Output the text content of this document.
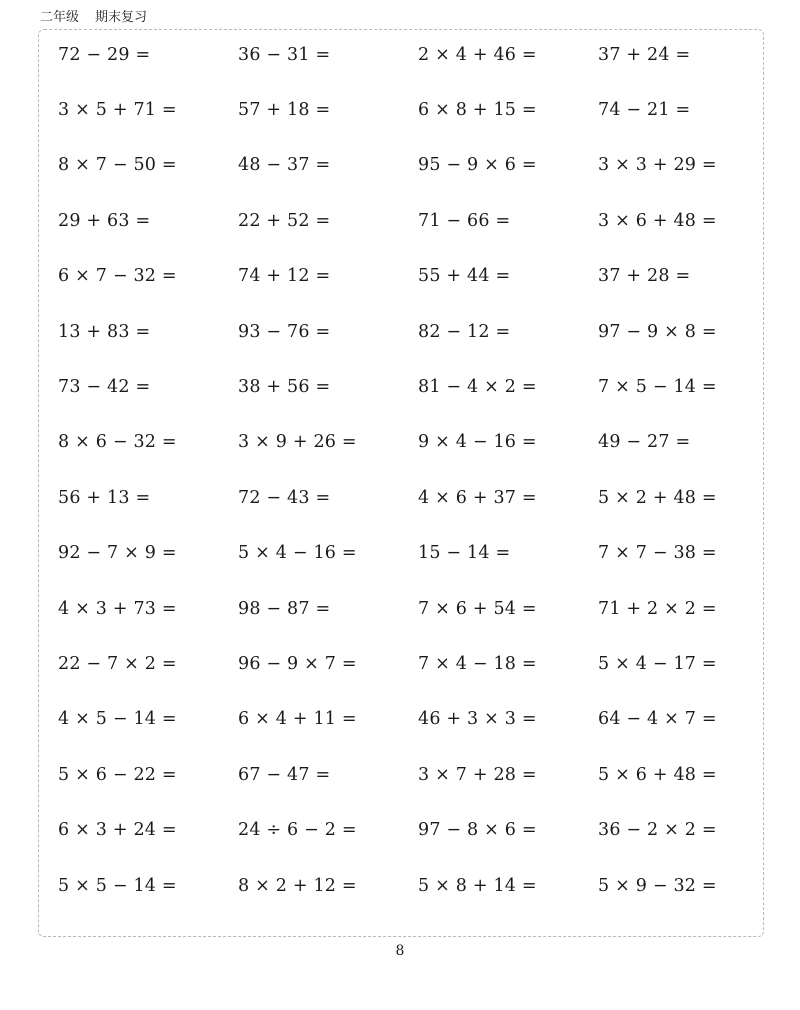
二年级 期末复习
72 − 29 =	36 − 31 =	2 × 4 + 46 =	37 + 24 =
3 × 5 + 71 =	57 + 18 =	6 × 8 + 15 =	74 − 21 =
8 × 7 − 50 =	48 − 37 =	95 − 9 × 6 =	3 × 3 + 29 =
29 + 63 =	22 + 52 =	71 − 66 =	3 × 6 + 48 =
6 × 7 − 32 =	74 + 12 =	55 + 44 =	37 + 28 =
13 + 83 =	93 − 76 =	82 − 12 =	97 − 9 × 8 =
73 − 42 =	38 + 56 =	81 − 4 × 2 =	7 × 5 − 14 =
8 × 6 − 32 =	3 × 9 + 26 =	9 × 4 − 16 =	49 − 27 =
56 + 13 =	72 − 43 =	4 × 6 + 37 =	5 × 2 + 48 =
92 − 7 × 9 =	5 × 4 − 16 =	15 − 14 =	7 × 7 − 38 =
4 × 3 + 73 =	98 − 87 =	7 × 6 + 54 =	71 + 2 × 2 =
22 − 7 × 2 =	96 − 9 × 7 =	7 × 4 − 18 =	5 × 4 − 17 =
4 × 5 − 14 =	6 × 4 + 11 =	46 + 3 × 3 =	64 − 4 × 7 =
5 × 6 − 22 =	67 − 47 =	3 × 7 + 28 =	5 × 6 + 48 =
6 × 3 + 24 =	24 ÷ 6 − 2 =	97 − 8 × 6 =	36 − 2 × 2 =
5 × 5 − 14 =	8 × 2 + 12 =	5 × 8 + 14 =	5 × 9 − 32 =
8
